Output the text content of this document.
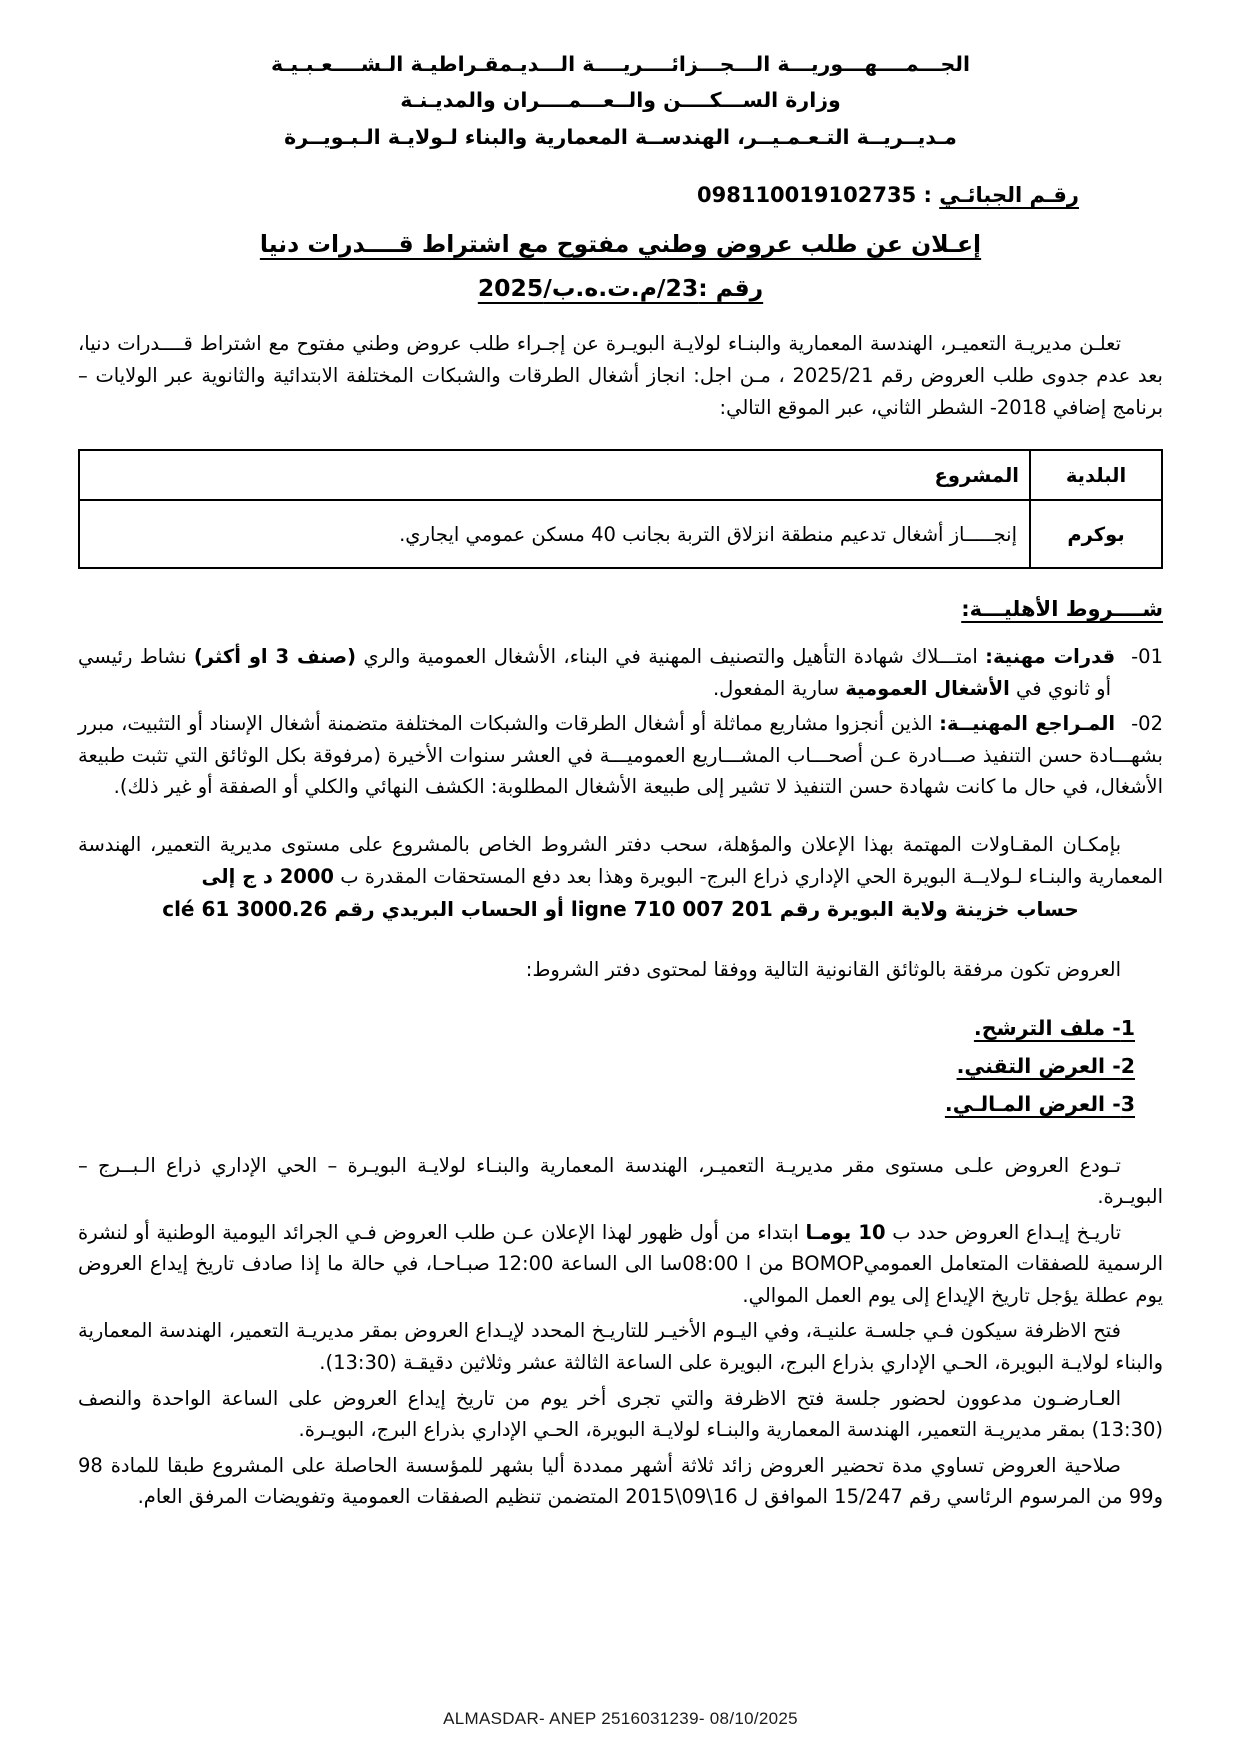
الجـــمــــهـــوريـــة الـــجـــزائــــريــــة الـــديـمقـراطيـة الـشــــعـبـيـة
وزارة الســـكــــن والــعـــمــــران والمديـنـة
مـديــريــة التـعـمـيــر، الهندســة المعمارية والبناء لـولايـة الـبـويــرة
رقـم الجبائـي : 098110019102735
إعـلان عن طلب عروض وطني مفتوح مع اشتراط قــــدرات دنيا
رقم :23/م.ت.ه.ب/2025

تعلـن مديريـة التعميـر، الهندسة المعمارية والبنـاء لولايـة البويـرة عن إجـراء طلب عروض وطني مفتوح مع اشتراط قــــدرات دنيا، بعد عدم جدوى طلب العروض رقم 2025/21 ، مـن اجل: انجاز أشغال الطرقات والشبكات المختلفة الابتدائية والثانوية عبر الولايات – برنامج إضافي 2018- الشطر الثاني، عبر الموقع التالي:

البلدية	المشروع
بوكرم	إنجـــــاز أشغال تدعيم منطقة انزلاق التربة بجانب 40 مسكن عمومي ايجاري.
شــــروط الأهليـــة:

01-قدرات مهنية: امتـــلاك شهادة التأهيل والتصنيف المهنية في البناء، الأشغال العمومية والري (صنف 3 او أكثر) نشاط رئيسي أو ثانوي في الأشغال العمومية سارية المفعول.

02-المـراجع المهنيــة: الذين أنجزوا مشاريع مماثلة أو أشغال الطرقات والشبكات المختلفة متضمنة أشغال الإسناد أو التثبيت، مبرر بشهـــادة حسن التنفيذ صـــادرة عـن أصحـــاب المشـــاريع العموميـــة في العشر سنوات الأخيرة (مرفوقة بكل الوثائق التي تثبت طبيعة الأشغال، في حال ما كانت شهادة حسن التنفيذ لا تشير إلى طبيعة الأشغال المطلوبة: الكشف النهائي والكلي أو الصفقة أو غير ذلك).

بإمكـان المقـاولات المهتمة بهذا الإعلان والمؤهلة، سحب دفتر الشروط الخاص بالمشروع على مستوى مديرية التعمير، الهندسة المعمارية والبنـاء لـولايــة البويرة الحي الإداري ذراع البرج- البويرة وهذا بعد دفع المستحقات المقدرة ب 2000 د ج إلى

حساب خزينة ولاية البويرة رقم 201 007 ligne 710 أو الحساب البريدي رقم 3000.26 clé 61

العروض تكون مرفقة بالوثائق القانونية التالية ووفقا لمحتوى دفتر الشروط:

1- ملف الترشح.
2- العرض التقني.
3- العرض المـالـي.

تـودع العروض علـى مستوى مقر مديريـة التعميـر، الهندسة المعمارية والبنـاء لولايـة البويـرة – الحي الإداري ذراع الـبــرج – البويـرة.

تاريـخ إيـداع العروض حدد ب 10 يومـا ابتداء من أول ظهور لهذا الإعلان عـن طلب العروض فـي الجرائد اليومية الوطنية أو لنشرة الرسمية للصفقات المتعامل العموميBOMOP من ا 08:00سا الى الساعة 12:00 صبـاحـا، في حالة ما إذا صادف تاريخ إيداع العروض يوم عطلة يؤجل تاريخ الإيداع إلى يوم العمل الموالي.

فتح الاظرفة سيكون فـي جلسـة علنيـة، وفي اليـوم الأخيـر للتاريـخ المحدد لإيـداع العروض بمقر مديريـة التعمير، الهندسة المعمارية والبناء لولايـة البويرة، الحـي الإداري بذراع البرج، البويرة على الساعة الثالثة عشر وثلاثين دقيقـة (13:30).

العـارضـون مدعوون لحضور جلسة فتح الاظرفة والتي تجرى أخر يوم من تاريخ إيداع العروض على الساعة الواحدة والنصف (13:30) بمقر مديريـة التعمير، الهندسة المعمارية والبنـاء لولايـة البويرة، الحـي الإداري بذراع البرج، البويـرة.

صلاحية العروض تساوي مدة تحضير العروض زائد ثلاثة أشهر ممددة أليا بشهر للمؤسسة الحاصلة على المشروع طبقا للمادة 98 و99 من المرسوم الرئاسي رقم 15/247 الموافق ل 16\09\2015 المتضمن تنظيم الصفقات العمومية وتفويضات المرفق العام.

ALMASDAR- ANEP 2516031239- 08/10/2025
